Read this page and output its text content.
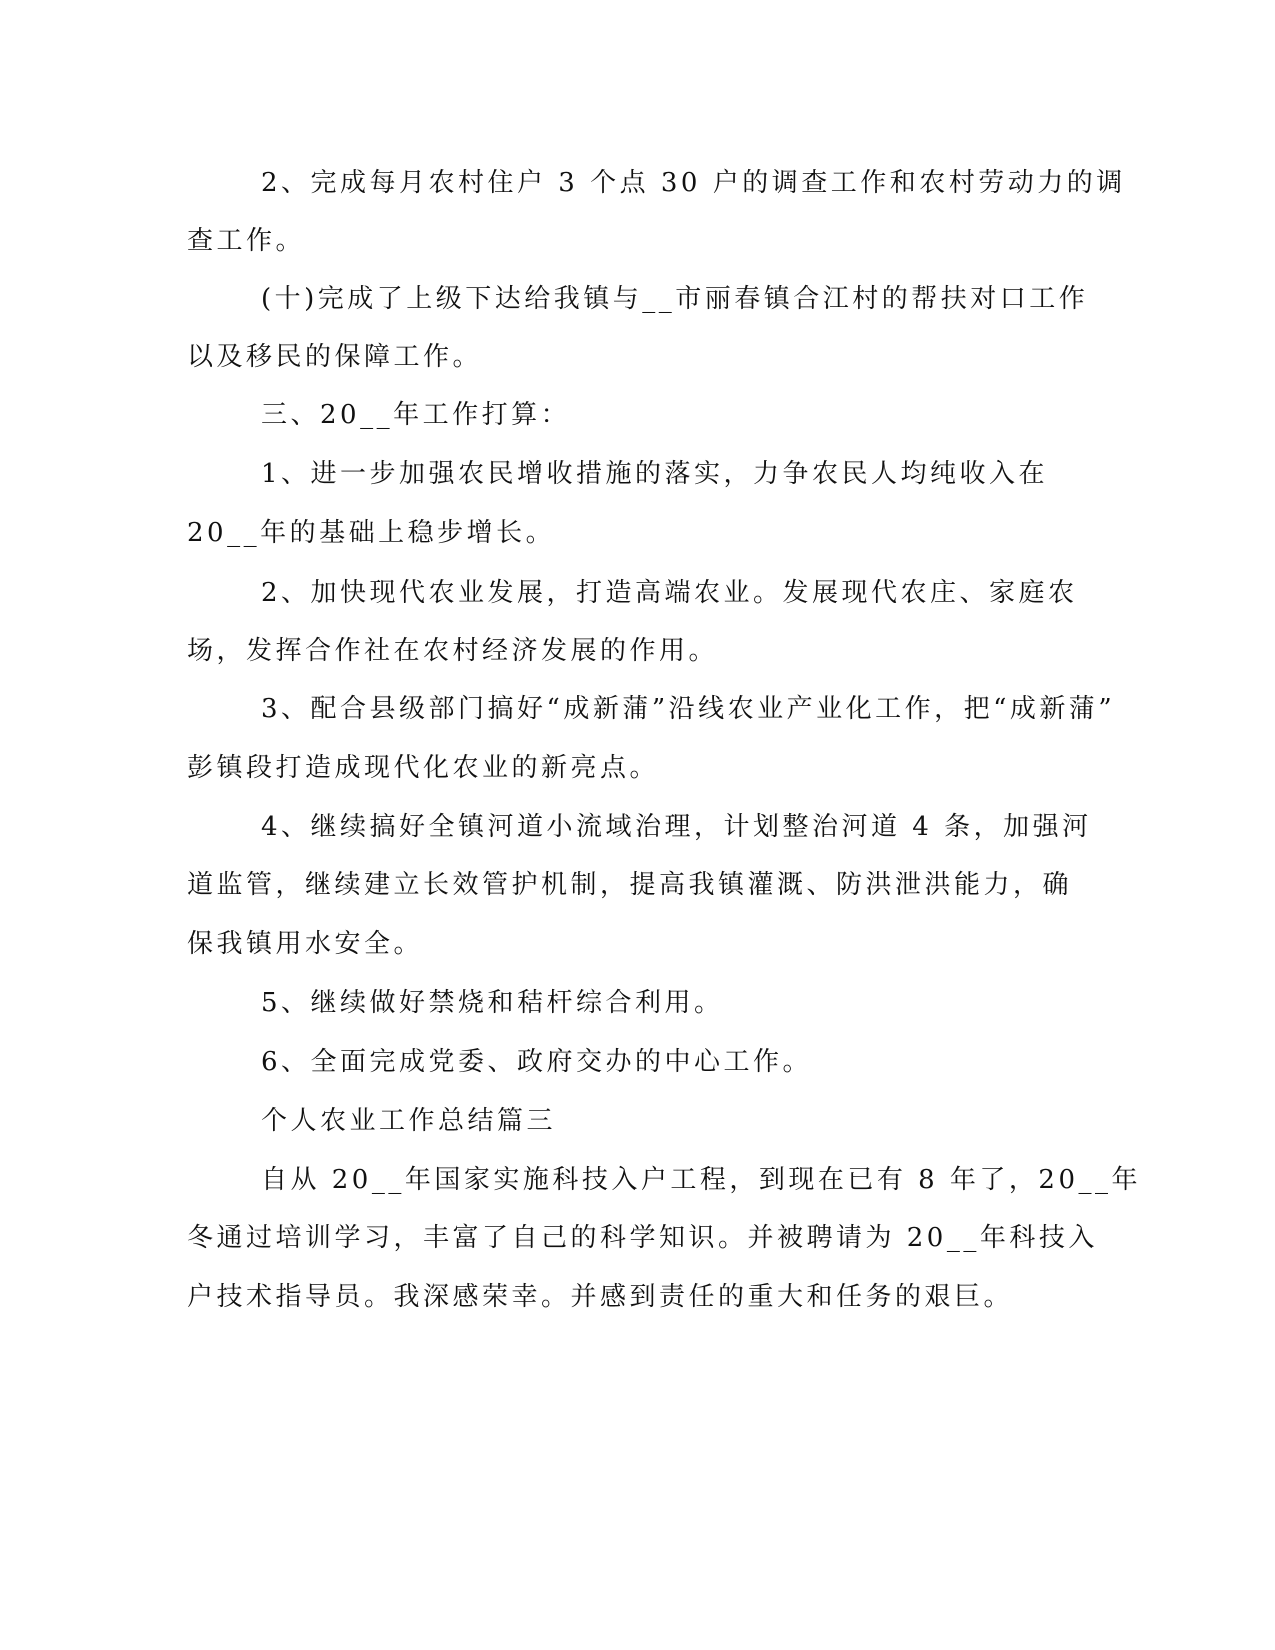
2、完成每月农村住户 3 个点 30 户的调查工作和农村劳动力的调
查工作。
(十)完成了上级下达给我镇与__市丽春镇合江村的帮扶对口工作
以及移民的保障工作。
三、20__年工作打算：
1、进一步加强农民增收措施的落实，力争农民人均纯收入在
20__年的基础上稳步增长。
2、加快现代农业发展，打造高端农业。发展现代农庄、家庭农
场，发挥合作社在农村经济发展的作用。
3、配合县级部门搞好“成新蒲”沿线农业产业化工作，把“成新蒲”
彭镇段打造成现代化农业的新亮点。
4、继续搞好全镇河道小流域治理，计划整治河道 4 条，加强河
道监管，继续建立长效管护机制，提高我镇灌溉、防洪泄洪能力，确
保我镇用水安全。
5、继续做好禁烧和秸杆综合利用。
6、全面完成党委、政府交办的中心工作。
个人农业工作总结篇三
自从 20__年国家实施科技入户工程，到现在已有 8 年了，20__年
冬通过培训学习，丰富了自己的科学知识。并被聘请为 20__年科技入
户技术指导员。我深感荣幸。并感到责任的重大和任务的艰巨。
